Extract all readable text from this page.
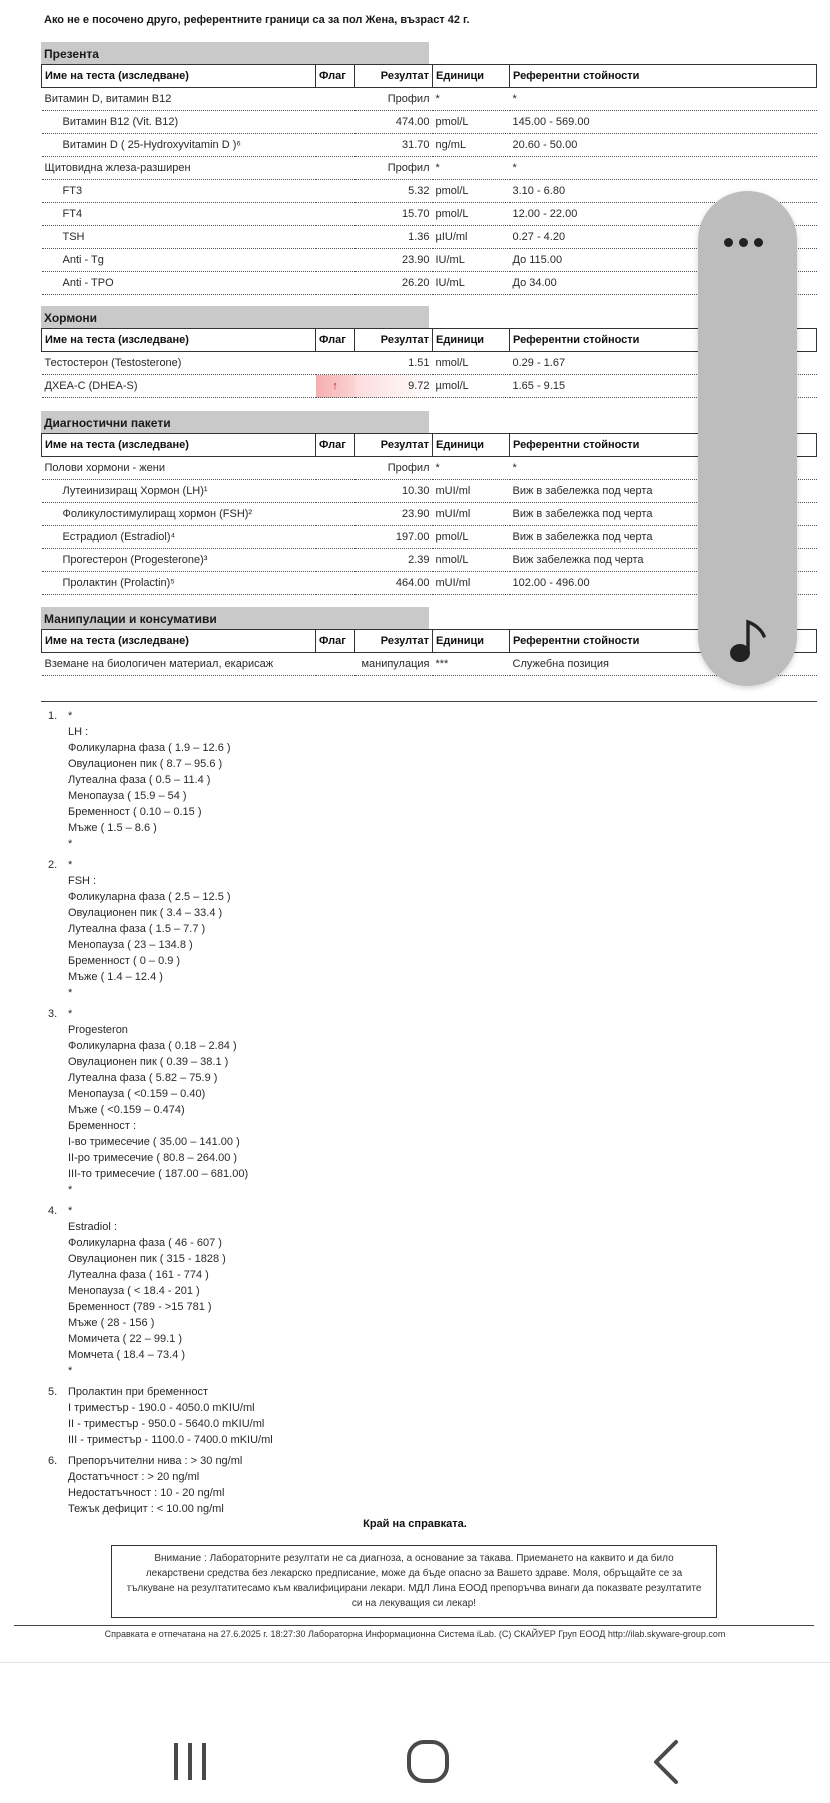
Ако не е посочено друго, референтните граници са за пол Жена, възраст 42 г.
Презента
Име на теста (изследване)	Флаг	Резултат	Единици	Референтни стойности
Витамин D, витамин B12		Профил	*	*
Витамин B12 (Vit. B12)		474.00	pmol/L	145.00 - 569.00
Витамин D ( 25-Hydroxyvitamin D )⁶		31.70	ng/mL	20.60 - 50.00
Щитовидна жлеза-разширен		Профил	*	*
FT3		5.32	pmol/L	3.10 - 6.80
FT4		15.70	pmol/L	12.00 - 22.00
TSH		1.36	µIU/ml	0.27 - 4.20
Anti - Tg		23.90	IU/mL	До 115.00
Anti - TPO		26.20	IU/mL	До 34.00
Хормони
Име на теста (изследване)	Флаг	Резултат	Единици	Референтни стойности
Тестостерон (Testosterone)		1.51	nmol/L	0.29 - 1.67
ДХЕА-С (DHEA-S)	↑	9.72	µmol/L	1.65 - 9.15
Диагностични пакети
Име на теста (изследване)	Флаг	Резултат	Единици	Референтни стойности
Полови хормони - жени		Профил	*	*
Лутеинизиращ Хормон (LH)¹		10.30	mUI/ml	Виж в забележка под черта
Фоликулостимулиращ хормон (FSH)²		23.90	mUI/ml	Виж в забележка под черта
Естрадиол (Estradiol)⁴		197.00	pmol/L	Виж в забележка под черта
Прогестерон (Progesterone)³		2.39	nmol/L	Виж забележка под черта
Пролактин (Prolactin)⁵		464.00	mUI/ml	102.00 - 496.00
Манипулации и консумативи
Име на теста (изследване)	Флаг	Резултат	Единици	Референтни стойности
Вземане на биологичен материал, екарисаж		манипулация	***	Служебна позиция
1. *
LH :
Фоликуларна фаза ( 1.9 – 12.6 )
Овулационен пик ( 8.7 – 95.6 )
Лутеална фаза ( 0.5 – 11.4 )
Менопауза ( 15.9 – 54 )
Бременност ( 0.10 – 0.15 )
Мъже ( 1.5 – 8.6 )
*
2. *
FSH :
Фоликуларна фаза ( 2.5 – 12.5 )
Овулационен пик ( 3.4 – 33.4 )
Лутеална фаза ( 1.5 – 7.7 )
Менопауза ( 23 – 134.8 )
Бременност ( 0 – 0.9 )
Мъже ( 1.4 – 12.4 )
*
3. *
Progesteron
Фоликуларна фаза ( 0.18 – 2.84 )
Овулационен пик ( 0.39 – 38.1 )
Лутеална фаза ( 5.82 – 75.9 )
Менопауза ( <0.159 – 0.40)
Мъже ( <0.159 – 0.474)
Бременност :
I-во тримесечие ( 35.00 – 141.00 )
II-ро тримесечие ( 80.8 – 264.00 )
III-то тримесечие ( 187.00 – 681.00)
*
4. *
Estradiol :
Фоликуларна фаза ( 46 - 607 )
Овулационен пик ( 315 - 1828 )
Лутеална фаза ( 161 - 774 )
Менопауза ( < 18.4 - 201 )
Бременност (789 - >15 781 )
Мъже ( 28 - 156 )
Момичета ( 22 – 99.1 )
Момчета ( 18.4 – 73.4 )
*
5. Пролактин при бременност
I триместър - 190.0 - 4050.0 mKIU/ml
II - триместър - 950.0 - 5640.0 mKIU/ml
III - триместър - 1100.0 - 7400.0 mKIU/ml
6. Препоръчителни нива : > 30 ng/ml
Достатъчност : > 20 ng/ml
Недостатъчност : 10 - 20 ng/ml
Тежък дефицит : < 10.00 ng/ml
Край на справката.
Внимание : Лабораторните резултати не са диагноза, а основание за такава. Приемането на каквито и да било лекарствени средства без лекарско предписание, може да бъде опасно за Вашето здраве. Моля, обръщайте се за тълкуване на резултатитесамо към квалифицирани лекари. МДЛ Лина ЕООД препоръчва винаги да показвате резултатите си на лекуващия си лекар!
Справката е отпечатана на 27.6.2025 г. 18:27:30 Лабораторна Информационна Система iLab. (C) СКАЙУЕР Груп ЕООД http://ilab.skyware-group.com
